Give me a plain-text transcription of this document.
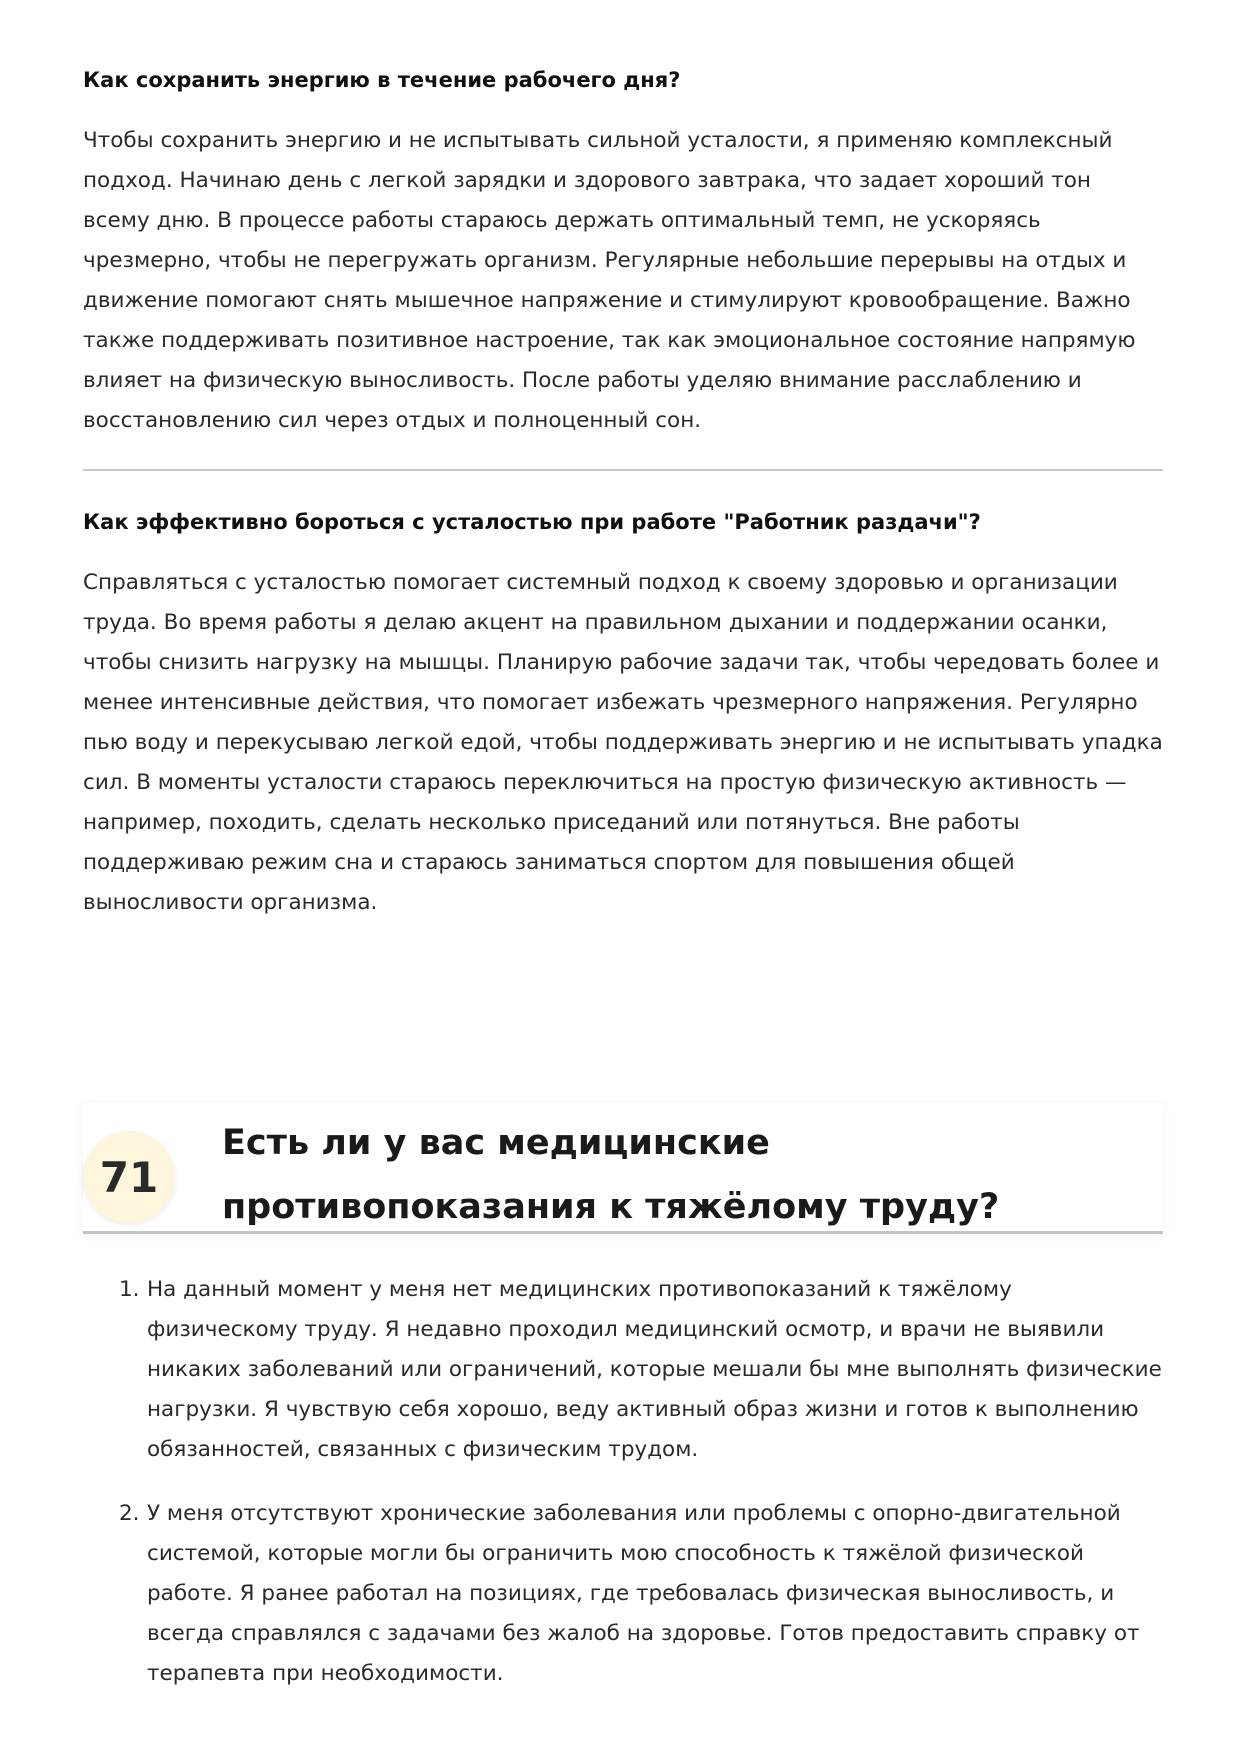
Как сохранить энергию в течение рабочего дня?

Чтобы сохранить энергию и не испытывать сильной усталости, я применяю комплексный подход. Начинаю день с легкой зарядки и здорового завтрака, что задает хороший тон всему дню. В процессе работы стараюсь держать оптимальный темп, не ускоряясь чрезмерно, чтобы не перегружать организм. Регулярные небольшие перерывы на отдых и движение помогают снять мышечное напряжение и стимулируют кровообращение. Важно также поддерживать позитивное настроение, так как эмоциональное состояние напрямую влияет на физическую выносливость. После работы уделяю внимание расслаблению и восстановлению сил через отдых и полноценный сон.

Как эффективно бороться с усталостью при работе "Работник раздачи"?

Справляться с усталостью помогает системный подход к своему здоровью и организации труда. Во время работы я делаю акцент на правильном дыхании и поддержании осанки, чтобы снизить нагрузку на мышцы. Планирую рабочие задачи так, чтобы чередовать более и менее интенсивные действия, что помогает избежать чрезмерного напряжения. Регулярно пью воду и перекусываю легкой едой, чтобы поддерживать энергию и не испытывать упадка сил. В моменты усталости стараюсь переключиться на простую физическую активность — например, походить, сделать несколько приседаний или потянуться. Вне работы поддерживаю режим сна и стараюсь заниматься спортом для повышения общей выносливости организма.

71
Есть ли у вас медицинские противопоказания к тяжёлому труду?
1. На данный момент у меня нет медицинских противопоказаний к тяжёлому физическому труду. Я недавно проходил медицинский осмотр, и врачи не выявили никаких заболеваний или ограничений, которые мешали бы мне выполнять физические нагрузки. Я чувствую себя хорошо, веду активный образ жизни и готов к выполнению обязанностей, связанных с физическим трудом.

2. У меня отсутствуют хронические заболевания или проблемы с опорно-двигательной системой, которые могли бы ограничить мою способность к тяжёлой физической работе. Я ранее работал на позициях, где требовалась физическая выносливость, и всегда справлялся с задачами без жалоб на здоровье. Готов предоставить справку от терапевта при необходимости.
